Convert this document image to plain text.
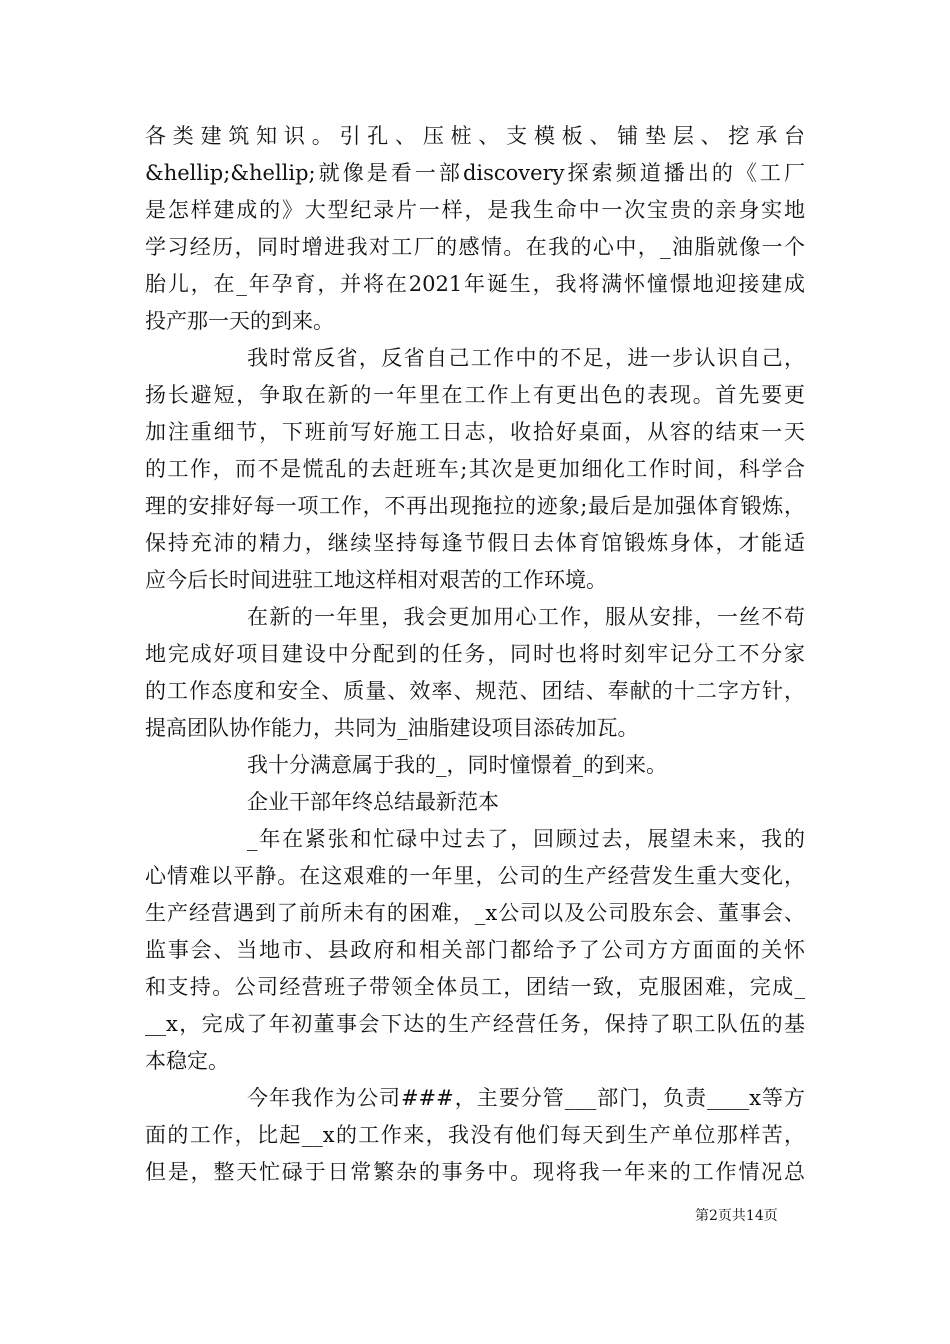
各类建筑知识。引孔、压桩、支模板、铺垫层、挖承台
&hellip;&hellip;就像是看一部discovery探索频道播出的《工厂
是怎样建成的》大型纪录片一样，是我生命中一次宝贵的亲身实地
学习经历，同时增进我对工厂的感情。在我的心中，_油脂就像一个
胎儿，在_年孕育，并将在2021年诞生，我将满怀憧憬地迎接建成
投产那一天的到来。
我时常反省，反省自己工作中的不足，进一步认识自己，
扬长避短，争取在新的一年里在工作上有更出色的表现。首先要更
加注重细节，下班前写好施工日志，收拾好桌面，从容的结束一天
的工作，而不是慌乱的去赶班车;其次是更加细化工作时间，科学合
理的安排好每一项工作，不再出现拖拉的迹象;最后是加强体育锻炼，
保持充沛的精力，继续坚持每逢节假日去体育馆锻炼身体，才能适
应今后长时间进驻工地这样相对艰苦的工作环境。
在新的一年里，我会更加用心工作，服从安排，一丝不苟
地完成好项目建设中分配到的任务，同时也将时刻牢记分工不分家
的工作态度和安全、质量、效率、规范、团结、奉献的十二字方针，
提高团队协作能力，共同为_油脂建设项目添砖加瓦。
我十分满意属于我的_，同时憧憬着_的到来。
企业干部年终总结最新范本
_年在紧张和忙碌中过去了，回顾过去，展望未来，我的
心情难以平静。在这艰难的一年里，公司的生产经营发生重大变化，
生产经营遇到了前所未有的困难，_x公司以及公司股东会、董事会、
监事会、当地市、县政府和相关部门都给予了公司方方面面的关怀
和支持。公司经营班子带领全体员工，团结一致，克服困难，完成_
__x，完成了年初董事会下达的生产经营任务，保持了职工队伍的基
本稳定。
今年我作为公司###，主要分管___部门，负责____x等方
面的工作，比起__x的工作来，我没有他们每天到生产单位那样苦，
但是，整天忙碌于日常繁杂的事务中。现将我一年来的工作情况总
第2页共14页
